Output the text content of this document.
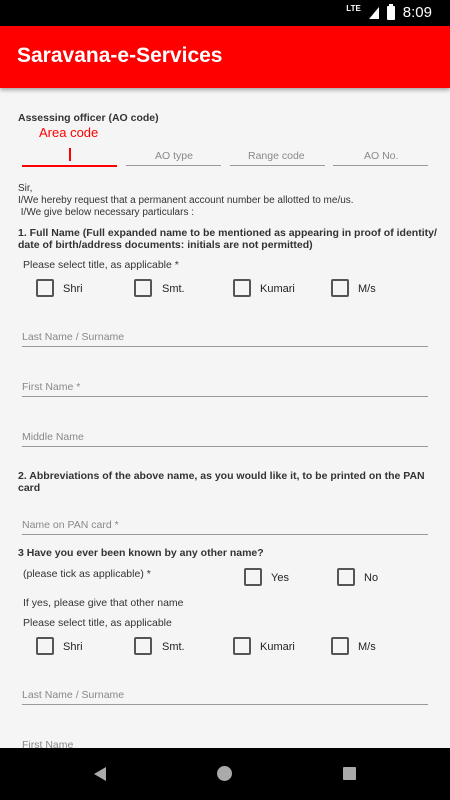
LTE	8:09
Saravana-e-Services
Assessing officer (AO code)
Area code
AO type	Range code	AO No.
Sir,
I/We hereby request that a permanent account number be allotted to me/us.
I/We give below necessary particulars :
1. Full Name (Full expanded name to be mentioned as appearing in proof of identity/
date of birth/address documents: initials are not permitted)
Please select title, as applicable *
Shri	Smt.	Kumari	M/s
Last Name / Surname
First Name *
Middle Name
2. Abbreviations of the above name, as you would like it, to be printed on the PAN
card
Name on PAN card *
3 Have you ever been known by any other name?
(please tick as applicable) *	Yes	No
If yes, please give that other name
Please select title, as applicable
Shri	Smt.	Kumari	M/s
Last Name / Surname
First Name
